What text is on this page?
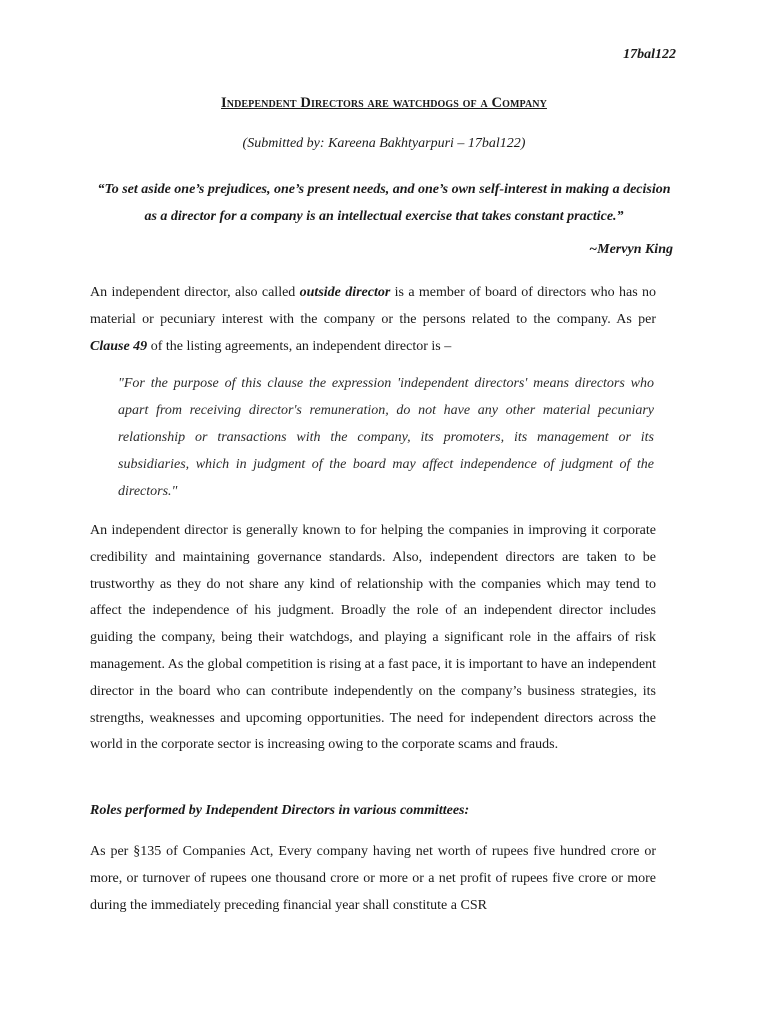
17bal122
Independent Directors are watchdogs of a Company
(Submitted by: Kareena Bakhtyarpuri – 17bal122)
“To set aside one’s prejudices, one’s present needs, and one’s own self-interest in making a decision as a director for a company is an intellectual exercise that takes constant practice.”
~Mervyn King
An independent director, also called outside director is a member of board of directors who has no material or pecuniary interest with the company or the persons related to the company. As per Clause 49 of the listing agreements, an independent director is –
"For the purpose of this clause the expression 'independent directors' means directors who apart from receiving director's remuneration, do not have any other material pecuniary relationship or transactions with the company, its promoters, its management or its subsidiaries, which in judgment of the board may affect independence of judgment of the directors."
An independent director is generally known to for helping the companies in improving it corporate credibility and maintaining governance standards. Also, independent directors are taken to be trustworthy as they do not share any kind of relationship with the companies which may tend to affect the independence of his judgment. Broadly the role of an independent director includes guiding the company, being their watchdogs, and playing a significant role in the affairs of risk management. As the global competition is rising at a fast pace, it is important to have an independent director in the board who can contribute independently on the company’s business strategies, its strengths, weaknesses and upcoming opportunities. The need for independent directors across the world in the corporate sector is increasing owing to the corporate scams and frauds.
Roles performed by Independent Directors in various committees:
As per §135 of Companies Act, Every company having net worth of rupees five hundred crore or more, or turnover of rupees one thousand crore or more or a net profit of rupees five crore or more during the immediately preceding financial year shall constitute a CSR
